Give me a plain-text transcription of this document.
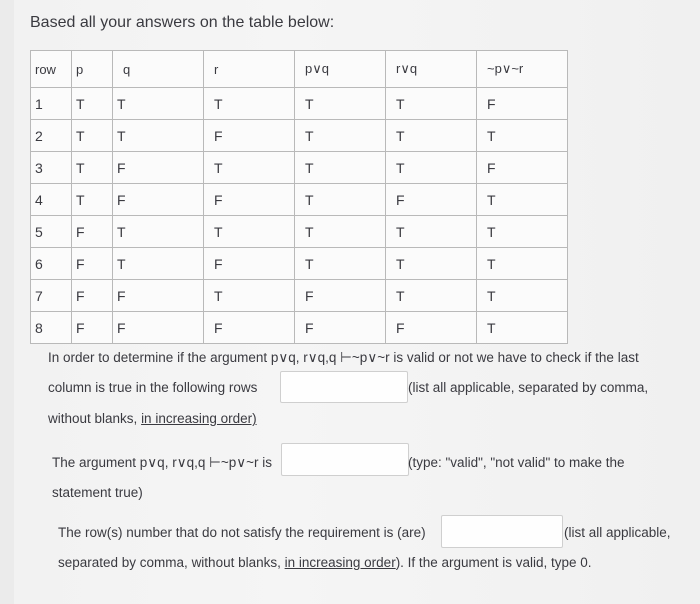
Based all your answers on the table below:
row	p	q	r	p∨q	r∨q	~p∨~r
1	T	T	T	T	T	F
2	T	T	F	T	T	T
3	T	F	T	T	T	F
4	T	F	F	T	F	T
5	F	T	T	T	T	T
6	F	T	F	T	T	T
7	F	F	T	F	T	T
8	F	F	F	F	F	T
In order to determine if the argument p∨q, r∨q,q ⊢~p∨~r is valid or not we have to check if the last
column is true in the following rows	(list all applicable, separated by comma,
without blanks, in increasing order)
The argument p∨q, r∨q,q ⊢~p∨~r is	(type: "valid", "not valid" to make the
statement true)
The row(s) number that do not satisfy the requirement is (are)	(list all applicable,
separated by comma, without blanks, in increasing order). If the argument is valid, type 0.
